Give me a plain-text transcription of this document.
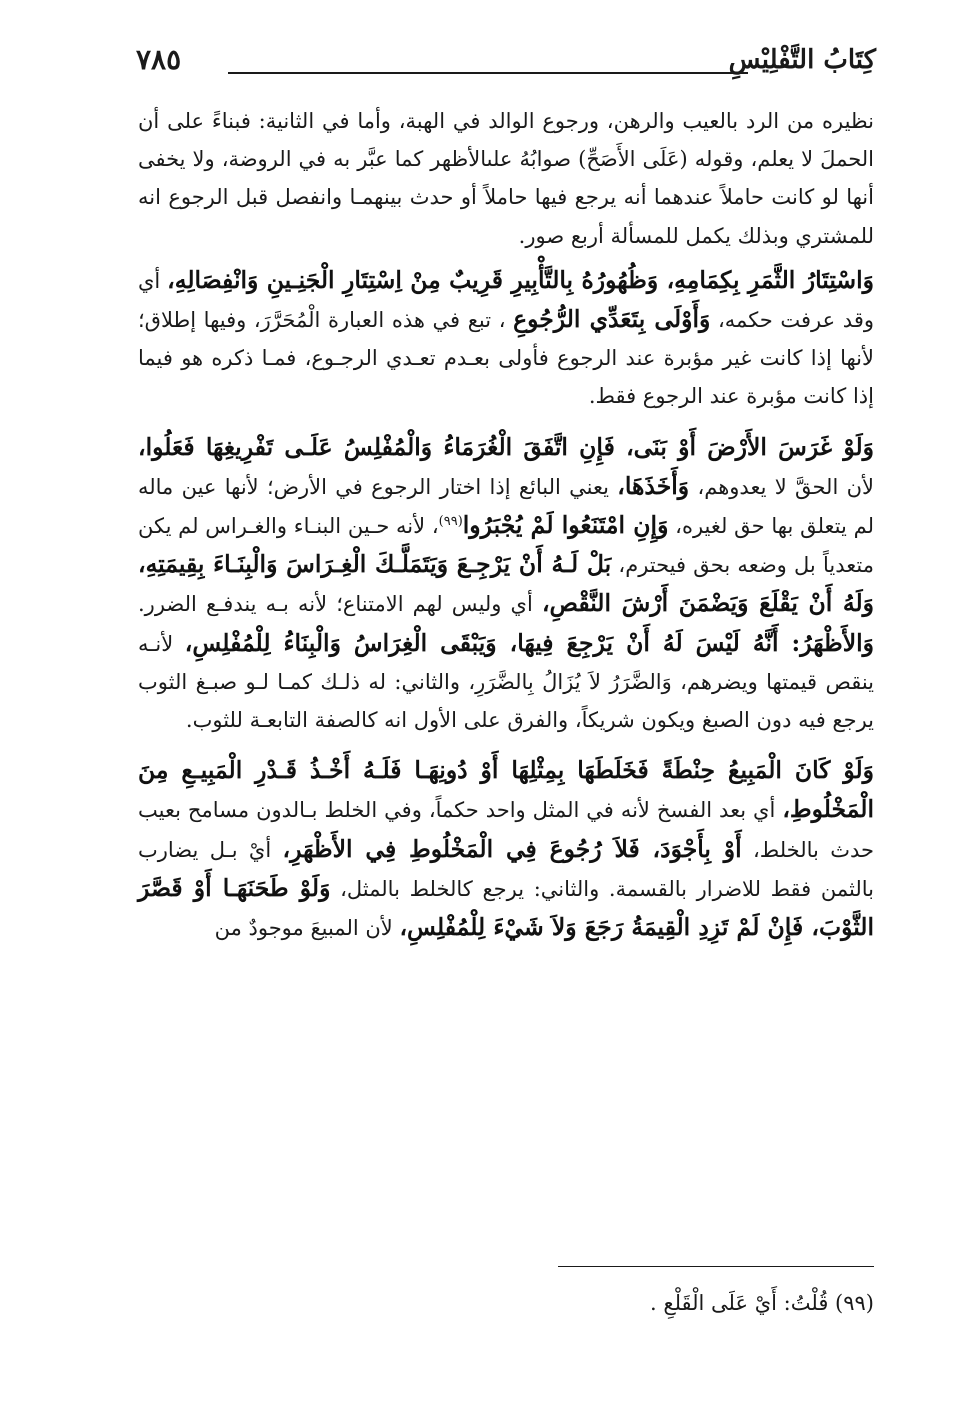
كِتَابُ التَّفْلِيْسِ
٧٨٥

نظيره من الرد بالعيب والرهن، ورجوع الوالد في الهبة، وأما في الثانية: فبناءً على أن الحملَ لا يعلم، وقوله (عَلَى الأَصَحِّ) صوابُهُ علىالأظهر كما عبَّر به في الروضة، ولا يخفى أنها لو كانت حاملاً عندهما أنه يرجع فيها حاملاً أو حدث بينهمـا وانفصل قبل الرجوع انه للمشتري وبذلك يكمل للمسألة أربع صور.

وَاسْتِتَارُ الثَّمَرِ بِكِمَامِهِ، وَظُهُورُهُ بِالتَّأْبِيرِ قَرِيبٌ مِنْ اِسْتِتَارِ الْجَنِـينِ وَانْفِصَالِهِ، أي وقد عرفت حكمه، وَأَوْلَى بِتَعَدِّي الرُّجُوعِ ، تبع في هذه العبارة الْمُحَرَّرَ، وفيها إطلاق؛ لأنها إذا كانت غير مؤبرة عند الرجوع فأولى بعـدم تعـدي الرجـوع، فمـا ذكره هو فيما إذا كانت مؤبرة عند الرجوع فقط.

وَلَوْ غَرَسَ الأَرْضَ أَوْ بَنَى، فَإِنِ اتَّفَقَ الْغُرَمَاءُ وَالْمُفْلِسُ عَلَـى تَفْرِيغِهَا فَعَلُوا، لأن الحقَّ لا يعدوهم، وَأَخَذَهَا، يعني البائع إذا اختار الرجوع في الأرض؛ لأنها عين ماله لم يتعلق بها حق لغيره، وَإِنِ امْتَنَعُوا لَمْ يُجْبَرُوا$^{(٩٩)}$، لأنه حـين البنـاء والغـراس لم يكن متعدياً بل وضعه بحق فيحترم، بَلْ لَـهُ أَنْ يَرْجِـعَ وَيَتَمَلَّـكَ الْغِـرَاسَ وَالْبِنَـاءَ بِقِيمَتِهِ، وَلَهُ أَنْ يَقْلَعَ وَيَضْمَنَ أَرْشَ النَّقْصِ، أي وليس لهم الامتناع؛ لأنه بـه يندفـع الضرر. وَالأَظْهَرُ: أَنَّهُ لَيْسَ لَهُ أَنْ يَرْجِعَ فِيهَا، وَيَبْقَى الْغِرَاسُ وَالْبِنَاءُ لِلْمُفْلِسِ، لأنـه ينقص قيمتها ويضرهم، وَالضَّرَرُ لاَ يُزَالُ بِالضَّرَرِ، والثاني: له ذلـك كمـا لـو صبـغ الثوب يرجع فيه دون الصبغ ويكون شريكاً، والفرق على الأول انه كالصفة التابعـة للثوب.

وَلَوْ كَانَ الْمَبِيعُ حِنْطَةً فَخَلَطَهَا بِمِثْلِهَا أَوْ دُونِهَـا فَلَـهُ أَخْـذُ قَـدْرِ الْمَبِيـعِ مِنَ الْمَخْلُوطِ، أي بعد الفسخ لأنه في المثل واحد حكماً، وفي الخلط بـالدون مسامح بعيب حدث بالخلط، أَوْ بِأَجْوَدَ، فَلاَ رُجُوعَ فِي الْمَخْلُوطِ فِي الأَظْهَرِ، أيْ بـل يضارب بالثمن فقط للاضرار بالقسمة. والثاني: يرجع كالخلط بالمثل، وَلَوْ طَحَنَهَـا أَوْ قَصَّرَ الثَّوْبَ، فَإِنْ لَمْ تَزِدِ الْقِيمَةُ رَجَعَ وَلاَ شَيْءَ لِلْمُفْلِسِ، لأن المبيعَ موجودٌ من

(٩٩) قُلْتُ: أَيْ عَلَى الْقَلْعِ .
